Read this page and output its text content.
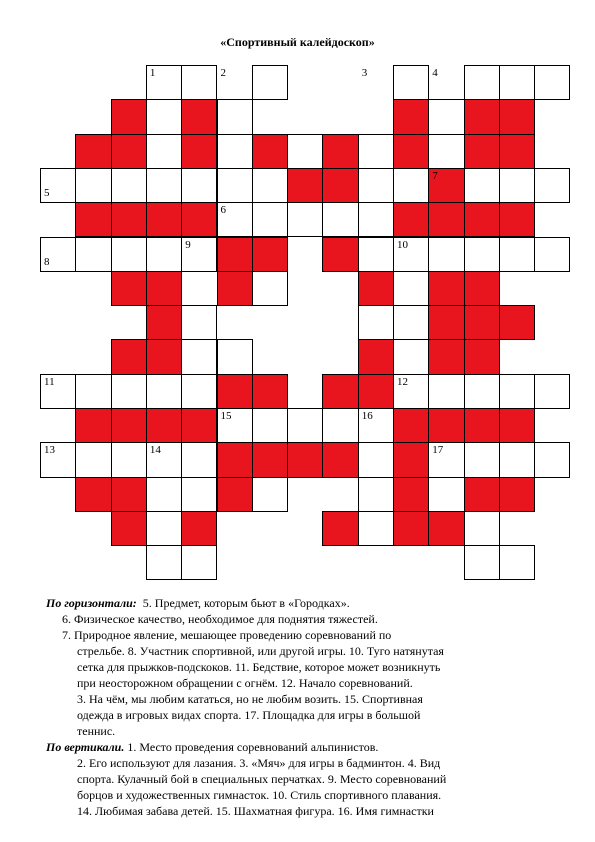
«Спортивный калейдоскоп»
1	2	3	4
5
6
7
8
9	10
11	12
13	14
15	16
17
По горизонтали: 5. Предмет, которым бьют в «Городках».
6. Физическое качество, необходимое для поднятия тяжестей.
7. Природное явление, мешающее проведению соревнований по
стрельбе. 8. Участник спортивной, или другой игры. 10. Туго натянутая
сетка для прыжков-подскоков. 11. Бедствие, которое может возникнуть
при неосторожном обращении с огнём. 12. Начало соревнований.
3. На чём, мы любим кататься, но не любим возить. 15. Спортивная
одежда в игровых видах спорта. 17. Площадка для игры в большой
теннис.
По вертикали. 1. Место проведения соревнований альпинистов.
2. Его используют для лазания. 3. «Мяч» для игры в бадминтон. 4. Вид
спорта. Кулачный бой в специальных перчатках. 9. Место соревнований
борцов и художественных гимнасток. 10. Стиль спортивного плавания.
14. Любимая забава детей. 15. Шахматная фигура. 16. Имя гимнастки
